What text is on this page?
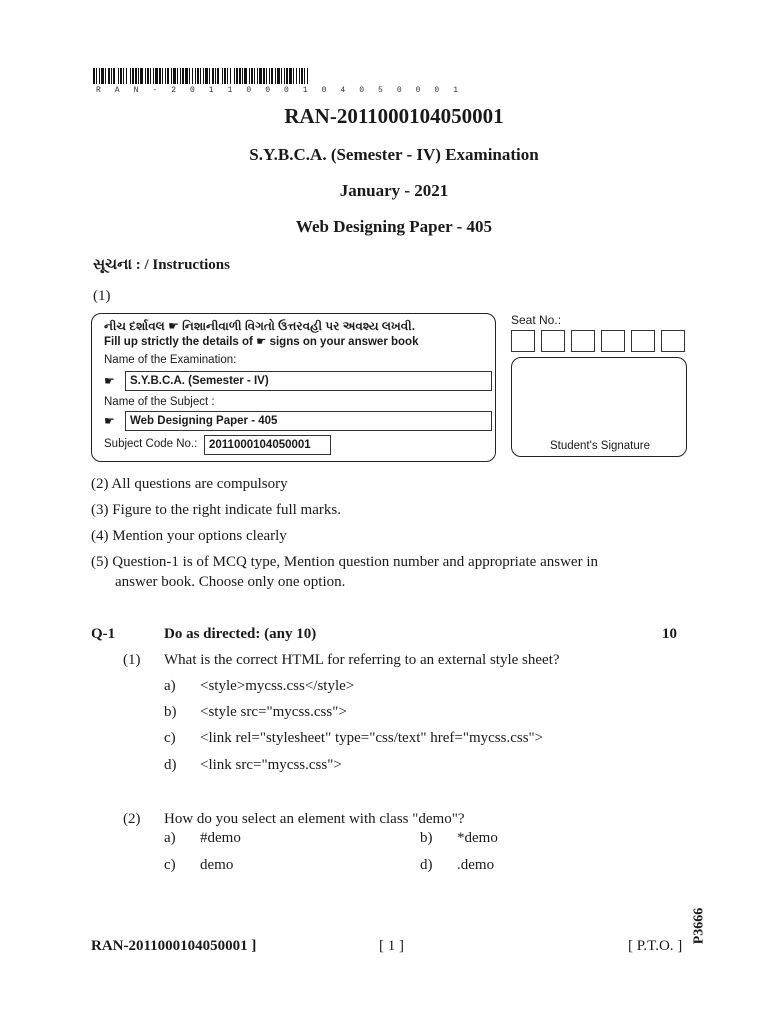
R A N - 2 0 1 1 0 0 0 1 0 4 0 5 0 0 0 1
RAN-2011000104050001
S.Y.B.C.A. (Semester - IV) Examination
January - 2021
Web Designing Paper - 405
સૂચના : / Instructions
(1)
નીચ દર્શાવલ ☛ નિશાનીવાળી વિગતો ઉત્તરવહી પર અવશ્ય લખવી.
Fill up strictly the details of ☛ signs on your answer book
Name of the Examination:
☛	S.Y.B.C.A. (Semester - IV)
Name of the Subject :
☛	Web Designing Paper - 405
Subject Code No.:	2011000104050001
Seat No.:
Student's Signature
(2) All questions are compulsory
(3) Figure to the right indicate full marks.
(4) Mention your options clearly
(5) Question-1 is of MCQ type, Mention question number and appropriate answer in
answer book. Choose only one option.
Q-1	Do as directed: (any 10)	10
(1) What is the correct HTML for referring to an external style sheet?
a) <style>mycss.css</style>
b) <style src="mycss.css">
c) <link rel="stylesheet" type="css/text" href="mycss.css">
d) <link src="mycss.css">
(2) How do you select an element with class "demo"?
a) #demo	b) *demo
c) demo	d) .demo
RAN-2011000104050001 ]	[ 1 ]	[ P.T.O. ]
P3666
